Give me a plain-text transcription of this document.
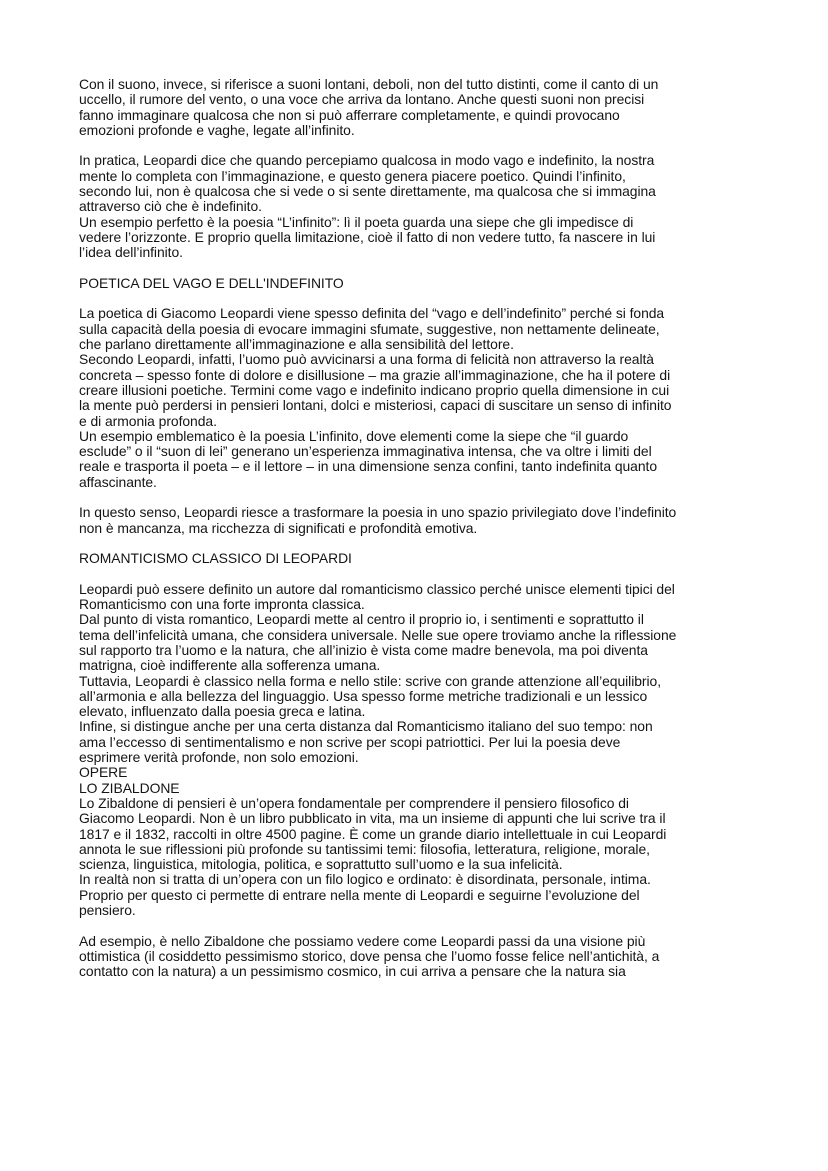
Con il suono, invece, si riferisce a suoni lontani, deboli, non del tutto distinti, come il canto di un

uccello, il rumore del vento, o una voce che arriva da lontano. Anche questi suoni non precisi

fanno immaginare qualcosa che non si può afferrare completamente, e quindi provocano

emozioni profonde e vaghe, legate all’infinito.

In pratica, Leopardi dice che quando percepiamo qualcosa in modo vago e indefinito, la nostra

mente lo completa con l’immaginazione, e questo genera piacere poetico. Quindi l’infinito,

secondo lui, non è qualcosa che si vede o si sente direttamente, ma qualcosa che si immagina

attraverso ciò che è indefinito.

Un esempio perfetto è la poesia “L’infinito”: lì il poeta guarda una siepe che gli impedisce di

vedere l’orizzonte. E proprio quella limitazione, cioè il fatto di non vedere tutto, fa nascere in lui

l’idea dell’infinito.

POETICA DEL VAGO E DELL'INDEFINITO

La poetica di Giacomo Leopardi viene spesso definita del “vago e dell’indefinito” perché si fonda

sulla capacità della poesia di evocare immagini sfumate, suggestive, non nettamente delineate,

che parlano direttamente all’immaginazione e alla sensibilità del lettore.

Secondo Leopardi, infatti, l’uomo può avvicinarsi a una forma di felicità non attraverso la realtà

concreta – spesso fonte di dolore e disillusione – ma grazie all’immaginazione, che ha il potere di

creare illusioni poetiche. Termini come vago e indefinito indicano proprio quella dimensione in cui

la mente può perdersi in pensieri lontani, dolci e misteriosi, capaci di suscitare un senso di infinito

e di armonia profonda.

Un esempio emblematico è la poesia L’infinito, dove elementi come la siepe che “il guardo

esclude” o il “suon di lei” generano un’esperienza immaginativa intensa, che va oltre i limiti del

reale e trasporta il poeta – e il lettore – in una dimensione senza confini, tanto indefinita quanto

affascinante.

In questo senso, Leopardi riesce a trasformare la poesia in uno spazio privilegiato dove l’indefinito

non è mancanza, ma ricchezza di significati e profondità emotiva.

ROMANTICISMO CLASSICO DI LEOPARDI

Leopardi può essere definito un autore dal romanticismo classico perché unisce elementi tipici del

Romanticismo con una forte impronta classica.

Dal punto di vista romantico, Leopardi mette al centro il proprio io, i sentimenti e soprattutto il

tema dell’infelicità umana, che considera universale. Nelle sue opere troviamo anche la riflessione

sul rapporto tra l’uomo e la natura, che all’inizio è vista come madre benevola, ma poi diventa

matrigna, cioè indifferente alla sofferenza umana.

Tuttavia, Leopardi è classico nella forma e nello stile: scrive con grande attenzione all’equilibrio,

all’armonia e alla bellezza del linguaggio. Usa spesso forme metriche tradizionali e un lessico

elevato, influenzato dalla poesia greca e latina.

Infine, si distingue anche per una certa distanza dal Romanticismo italiano del suo tempo: non

ama l’eccesso di sentimentalismo e non scrive per scopi patriottici. Per lui la poesia deve

esprimere verità profonde, non solo emozioni.

OPERE

LO ZIBALDONE

Lo Zibaldone di pensieri è un’opera fondamentale per comprendere il pensiero filosofico di

Giacomo Leopardi. Non è un libro pubblicato in vita, ma un insieme di appunti che lui scrive tra il

1817 e il 1832, raccolti in oltre 4500 pagine. È come un grande diario intellettuale in cui Leopardi

annota le sue riflessioni più profonde su tantissimi temi: filosofia, letteratura, religione, morale,

scienza, linguistica, mitologia, politica, e soprattutto sull’uomo e la sua infelicità.

In realtà non si tratta di un’opera con un filo logico e ordinato: è disordinata, personale, intima.

Proprio per questo ci permette di entrare nella mente di Leopardi e seguirne l’evoluzione del

pensiero.

Ad esempio, è nello Zibaldone che possiamo vedere come Leopardi passi da una visione più

ottimistica (il cosiddetto pessimismo storico, dove pensa che l’uomo fosse felice nell’antichità, a

contatto con la natura) a un pessimismo cosmico, in cui arriva a pensare che la natura sia
